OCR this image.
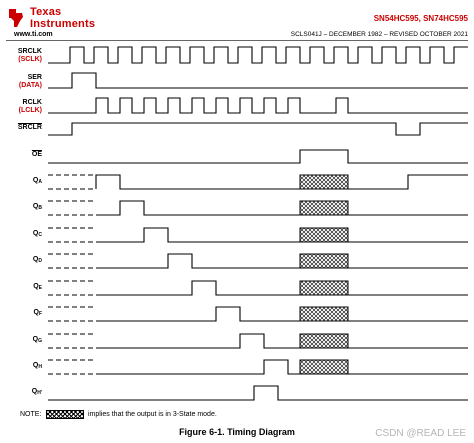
Texas
Instruments
www.ti.com
SN54HC595, SN74HC595
SCLS041J – DECEMBER 1982 – REVISED OCTOBER 2021
SRCLK
(SCLK)
SER
(DATA)
RCLK
(LCLK)
SRCLR
$\overline{OE}$
$Q_A$
$Q_B$
$Q_C$
$Q_D$
$Q_E$
$Q_F$
$Q_G$
$Q_H$
$Q_{H'}$
NOTE:	implies that the output is in 3-State mode.
Figure 6-1. Timing Diagram	CSDN @READ LEE
